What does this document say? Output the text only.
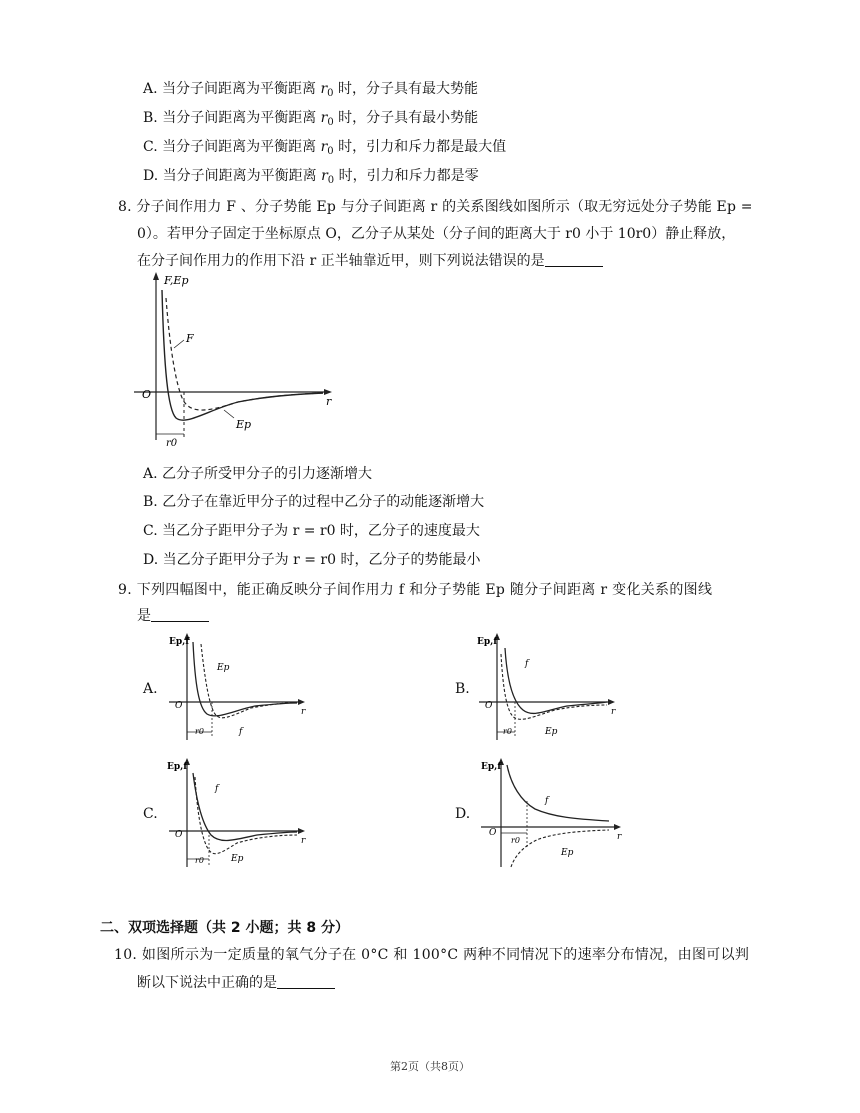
A. 当分子间距离为平衡距离 $r_0$ 时，分子具有最大势能
B. 当分子间距离为平衡距离 $r_0$ 时，分子具有最小势能
C. 当分子间距离为平衡距离 $r_0$ 时，引力和斥力都是最大值
D. 当分子间距离为平衡距离 $r_0$ 时，引力和斥力都是零
8. 分子间作用力 F 、分子势能 Ep 与分子间距离 r 的关系图线如图所示（取无穷远处分子势能 Ep =
0）。若甲分子固定于坐标原点 O，乙分子从某处（分子间的距离大于 r0 小于 10r0）静止释放，
在分子间作用力的作用下沿 r 正半轴靠近甲，则下列说法错误的是
F,Ep
r
O
r0
F
Ep
A. 乙分子所受甲分子的引力逐渐增大
B. 乙分子在靠近甲分子的过程中乙分子的动能逐渐增大
C. 当乙分子距甲分子为 r = r0 时，乙分子的速度最大
D. 当乙分子距甲分子为 r = r0 时，乙分子的势能最小
9. 下列四幅图中，能正确反映分子间作用力 f 和分子势能 Ep 随分子间距离 r 变化关系的图线
是
A.	B.
C.	D.
Ep,f
r
O
r0
Ep
f
Ep,f
r
O
r0
f
Ep
Ep,f
r
O
r0
f
Ep
Ep,f
r
O
r0
f
Ep
二、双项选择题（共 2 小题；共 8 分）
10. 如图所示为一定质量的氧气分子在 0°C 和 100°C 两种不同情况下的速率分布情况，由图可以判
断以下说法中正确的是
第2页（共8页）
